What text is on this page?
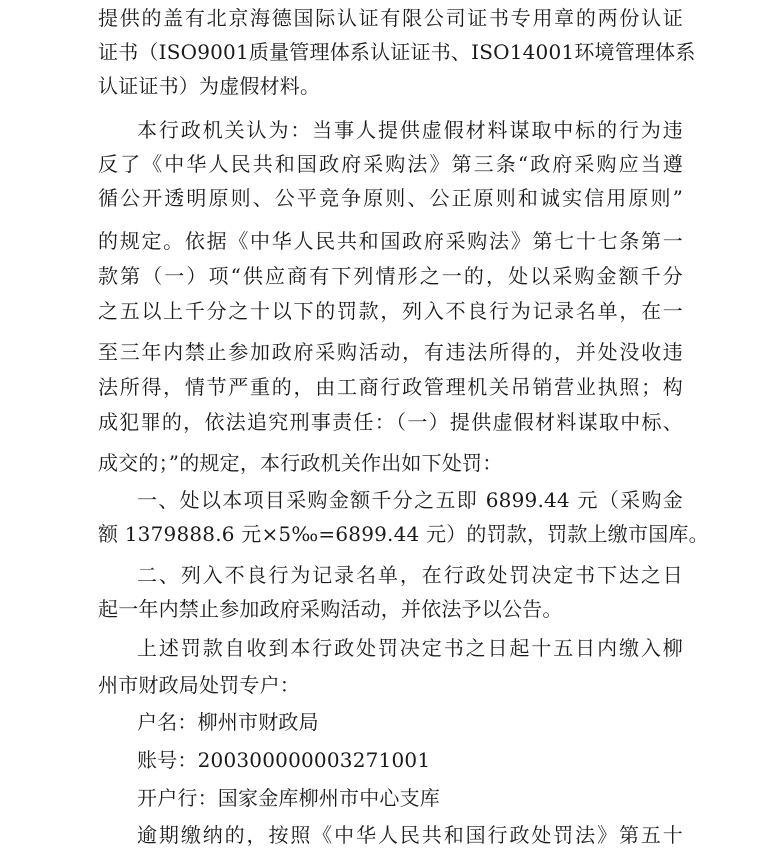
提供的盖有北京海德国际认证有限公司证书专用章的两份认证
证书（ISO9001质量管理体系认证证书、ISO14001环境管理体系
认证证书）为虚假材料。
本行政机关认为：当事人提供虚假材料谋取中标的行为违
反了《中华人民共和国政府采购法》第三条“政府采购应当遵
循公开透明原则、公平竞争原则、公正原则和诚实信用原则”
的规定。依据《中华人民共和国政府采购法》第七十七条第一
款第（一）项“供应商有下列情形之一的，处以采购金额千分
之五以上千分之十以下的罚款，列入不良行为记录名单，在一
至三年内禁止参加政府采购活动，有违法所得的，并处没收违
法所得，情节严重的，由工商行政管理机关吊销营业执照；构
成犯罪的，依法追究刑事责任：（一）提供虚假材料谋取中标、
成交的；”的规定，本行政机关作出如下处罚：
一、处以本项目采购金额千分之五即 6899.44 元（采购金
额 1379888.6 元×5‰=6899.44 元）的罚款，罚款上缴市国库。
二、列入不良行为记录名单，在行政处罚决定书下达之日
起一年内禁止参加政府采购活动，并依法予以公告。
上述罚款自收到本行政处罚决定书之日起十五日内缴入柳
州市财政局处罚专户：
户名：柳州市财政局
账号：20030000000327100​1
开户行：国家金库柳州市中心支库
逾期缴纳的，按照《中华人民共和国行政处罚法》第五十
